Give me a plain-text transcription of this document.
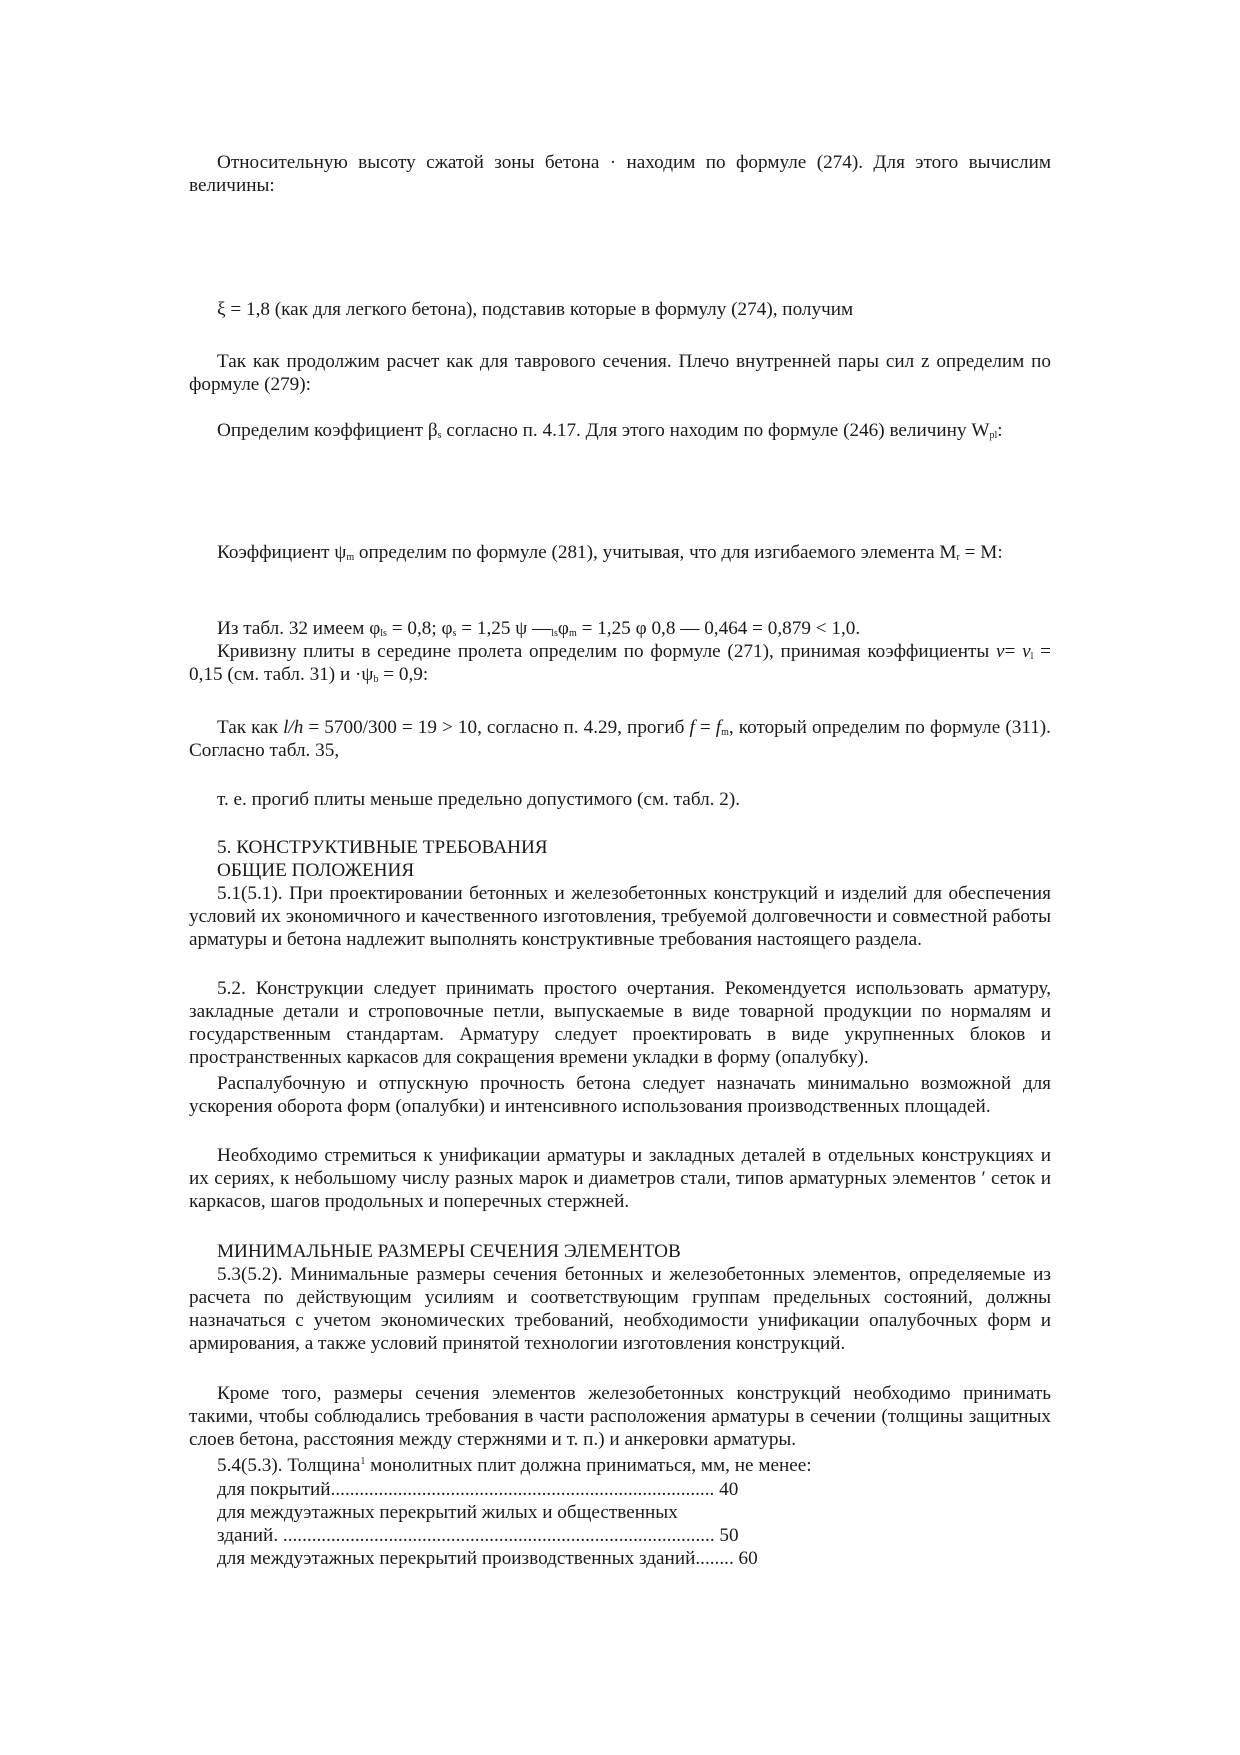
Относительную высоту сжатой зоны бетона · находим по формуле (274). Для этого вычислим величины:

ξ = 1,8 (как для легкого бетона), подставив которые в формулу (274), получим

Так как продолжим расчет как для таврового сечения. Плечо внутренней пары сил z определим по формуле (279):

Определим коэффициент $\beta_s$ согласно п. 4.17. Для этого находим по формуле (246) величину $W_{pl}$:

Коэффициент $\psi_m$ определим по формуле (281), учитывая, что для изгибаемого элемента $M_r = M$:

Из табл. 32 имеем $\varphi_{ls} = 0,8$; $\varphi_s = 1,25$ ψ $—_{ls}\varphi_m = 1,25$ φ 0,8 — 0,464 = 0,879 < 1,0.

Кривизну плиты в середине пролета определим по формуле (271), принимая коэффициенты $\nu= \nu_l = 0,15$ (см. табл. 31) $и \cdot\psi_b = 0,9$:

Так как l/h = 5700/300 = 19 > 10, согласно п. 4.29, прогиб $f = f_m$, который определим по формуле (311). Согласно табл. 35,

т. е. прогиб плиты меньше предельно допустимого (см. табл. 2).

5. КОНСТРУКТИВНЫЕ ТРЕБОВАНИЯ

ОБЩИЕ ПОЛОЖЕНИЯ

5.1(5.1). При проектировании бетонных и железобетонных конструкций и изделий для обеспечения условий их экономичного и качественного изготовления, требуемой долговечности и совместной работы арматуры и бетона надлежит выполнять конструктивные требования настоящего раздела.

5.2. Конструкции следует принимать простого очертания. Рекомендуется использовать арматуру, закладные детали и строповочные петли, выпускаемые в виде товарной продукции по нормалям и государственным стандартам. Арматуру следует проектировать в виде укрупненных блоков и пространственных каркасов для сокращения времени укладки в форму (опалубку).

Распалубочную и отпускную прочность бетона следует назначать минимально возможной для ускорения оборота форм (опалубки) и интенсивного использования производственных площадей.

Необходимо стремиться к унификации арматуры и закладных деталей в отдельных конструкциях и их сериях, к небольшому числу разных марок и диаметров стали, типов арматурных элементов ′ сеток и каркасов, шагов продольных и поперечных стержней.

МИНИМАЛЬНЫЕ РАЗМЕРЫ СЕЧЕНИЯ ЭЛЕМЕНТОВ

5.3(5.2). Минимальные размеры сечения бетонных и железобетонных элементов, определяемые из расчета по действующим усилиям и соответствующим группам предельных состояний, должны назначаться с учетом экономических требований, необходимости унификации опалубочных форм и армирования, а также условий принятой технологии изготовления конструкций.

Кроме того, размеры сечения элементов железобетонных конструкций необходимо принимать такими, чтобы соблюдались требования в части расположения арматуры в сечении (толщины защитных слоев бетона, расстояния между стержнями и т. п.) и анкеровки арматуры.

5.4(5.3). Толщина$^1$ монолитных плит должна приниматься, мм, не менее:

для покрытий................................................................................ 40
для междуэтажных перекрытий жилых и общественных
зданий. .......................................................................................... 50
для междуэтажных перекрытий производственных зданий........ 60
